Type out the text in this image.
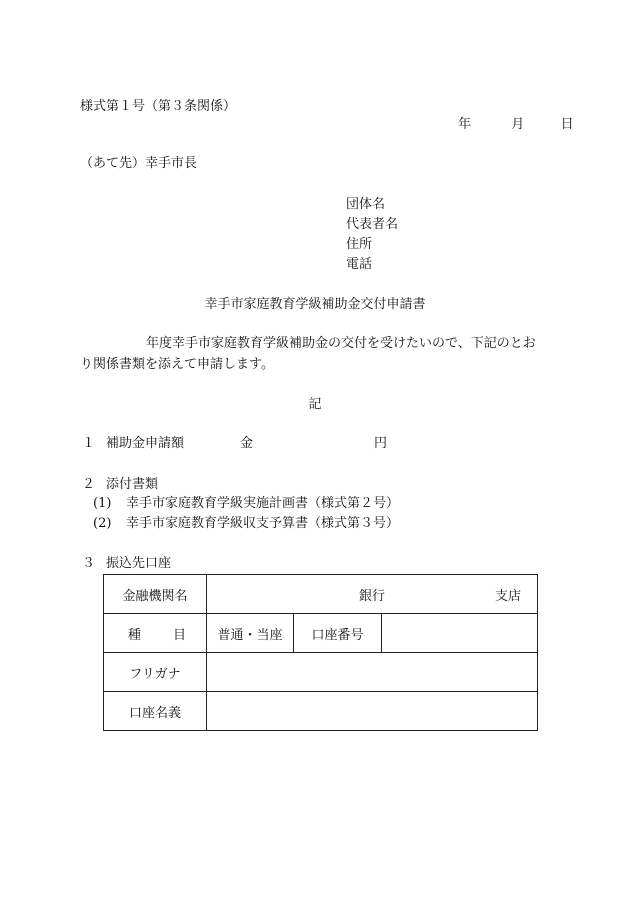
様式第１号（第３条関係）
年	月	日
（あて先）幸手市長
団体名
代表者名
住所
電話
幸手市家庭教育学級補助金交付申請書
年度幸手市家庭教育学級補助金の交付を受けたいので、下記のとお
り関係書類を添えて申請します。
記
１ 補助金申請額	金	円
２ 添付書類
(1) 幸手市家庭教育学級実施計画書（様式第２号）
(2) 幸手市家庭教育学級収支予算書（様式第３号）
３ 振込先口座
金融機関名	銀行 支店		

種 目	普通・当座	口座番号	
フリガナ			
口座名義			
